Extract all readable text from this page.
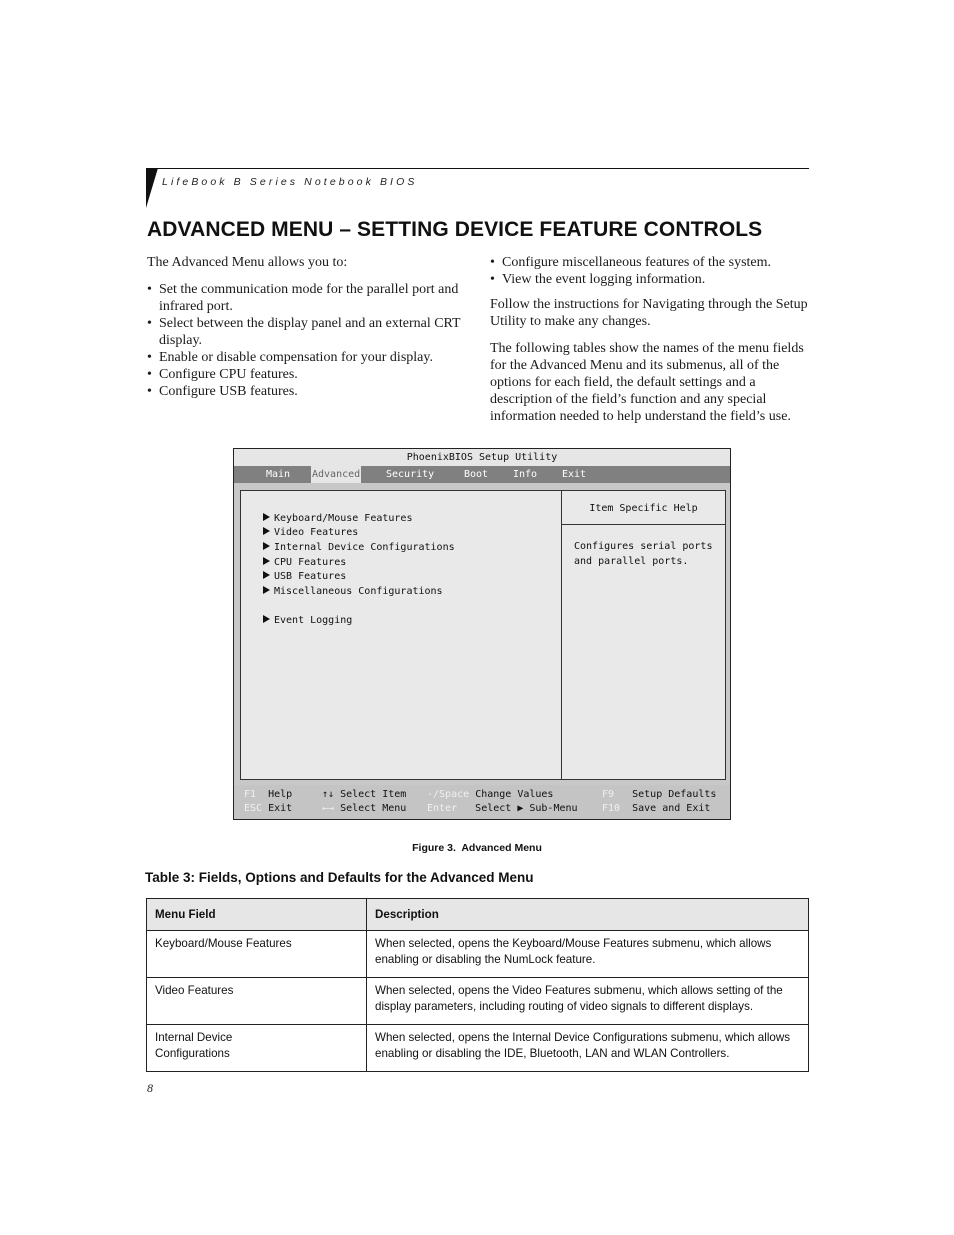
LifeBook B Series Notebook BIOS
ADVANCED MENU – SETTING DEVICE FEATURE CONTROLS

The Advanced Menu allows you to:

• Set the communication mode for the parallel port and infrared port.
• Select between the display panel and an external CRT display.
• Enable or disable compensation for your display.
• Configure CPU features.
• Configure USB features.
• Configure miscellaneous features of the system.
• View the event logging information.

Follow the instructions for Navigating through the Setup Utility to make any changes.

The following tables show the names of the menu fields for the Advanced Menu and its submenus, all of the options for each field, the default settings and a description of the field’s function and any special information needed to help understand the field’s use.

PhoenixBIOS Setup Utility
Main Advanced	Security	Boot Info Exit
Keyboard/Mouse Features
Video Features
Internal Device Configurations
CPU Features
USB Features
Miscellaneous Configurations
Event Logging
Item Specific Help
Configures serial ports
and parallel ports.
F1 Help
ESC Exit
↑↓ Select Item
←→ Select Menu
-/Space Change Values
Enter Select ▶ Sub-Menu
F9 Setup Defaults
F10 Save and Exit
Figure 3.  Advanced Menu
Table 3: Fields, Options and Defaults for the Advanced Menu
Menu Field	Description
Keyboard/Mouse Features	When selected, opens the Keyboard/Mouse Features submenu, which allows enabling or disabling the NumLock feature.
Video Features	When selected, opens the Video Features submenu, which allows setting of the display parameters, including routing of video signals to different displays.
Internal Device Configurations	When selected, opens the Internal Device Configurations submenu, which allows enabling or disabling the IDE, Bluetooth, LAN and WLAN Controllers.
8
